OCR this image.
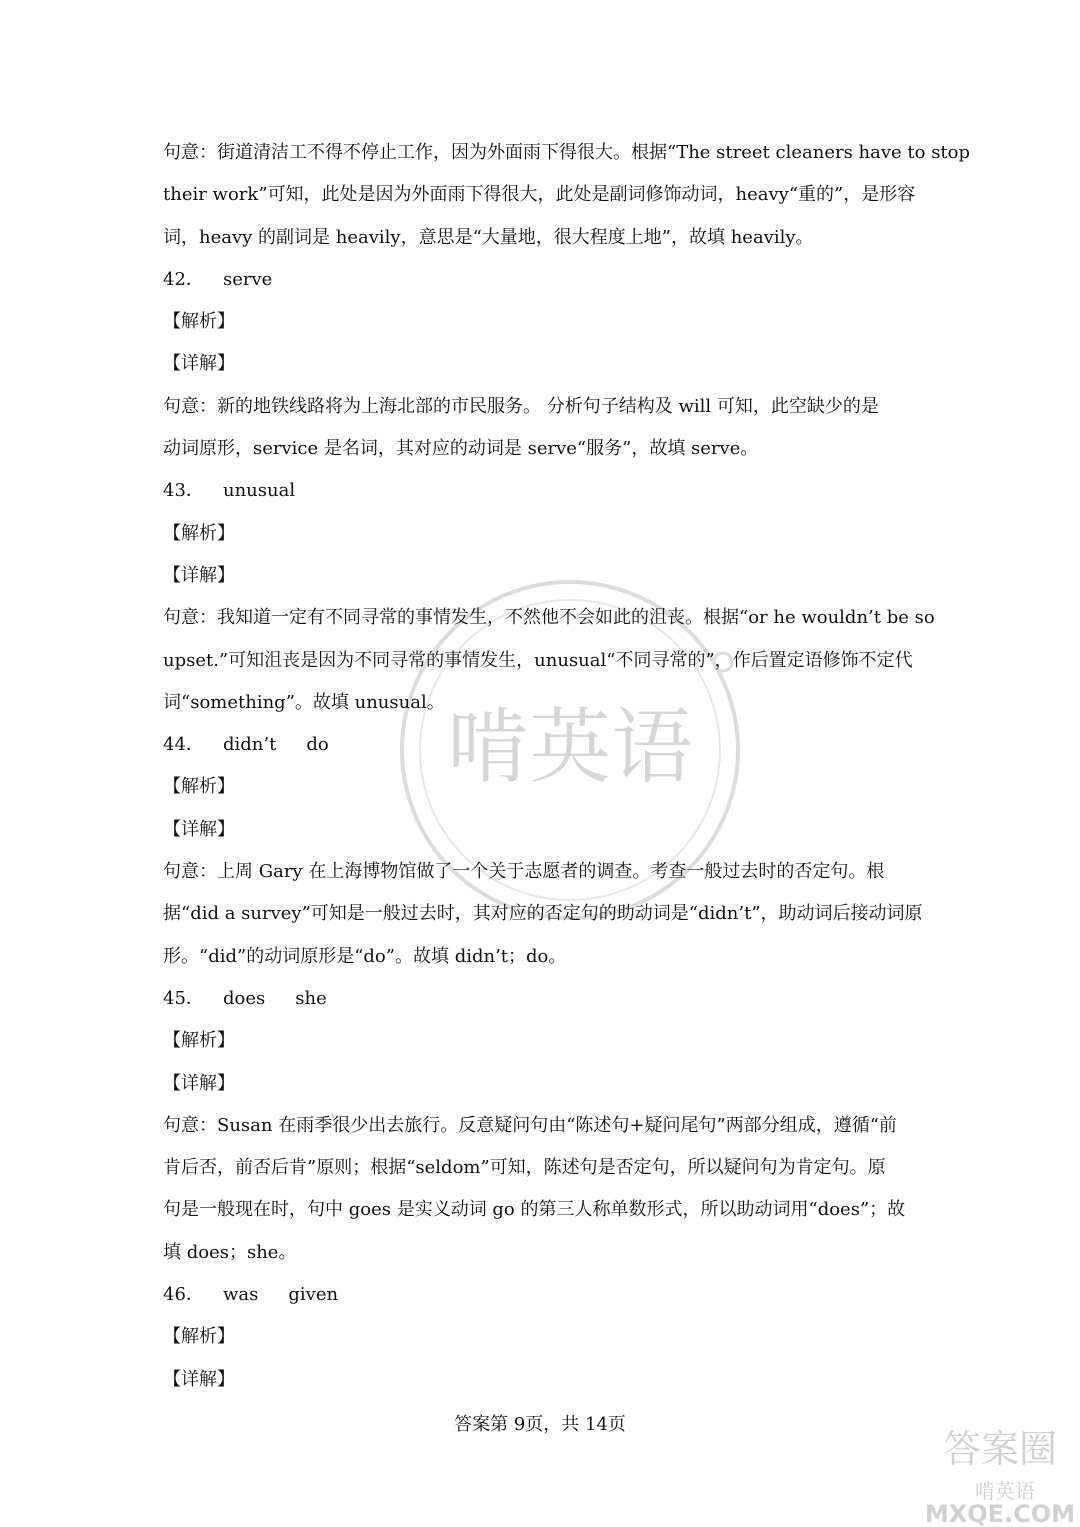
啃英语
句意：街道清洁工不得不停止工作，因为外面雨下得很大。根据“The street cleaners have to stop
their work”可知，此处是因为外面雨下得很大，此处是副词修饰动词，heavy“重的”，是形容
词，heavy 的副词是 heavily，意思是“大量地，很大程度上地”，故填 heavily。
42． serve
【解析】
【详解】
句意：新的地铁线路将为上海北部的市民服务。 分析句子结构及 will 可知，此空缺少的是
动词原形，service 是名词，其对应的动词是 serve“服务”，故填 serve。
43． unusual
【解析】
【详解】
句意：我知道一定有不同寻常的事情发生，不然他不会如此的沮丧。根据“or he wouldn’t be so
upset.”可知沮丧是因为不同寻常的事情发生，unusual“不同寻常的”，作后置定语修饰不定代
词“something”。故填 unusual。
44． didn’t do
【解析】
【详解】
句意：上周 Gary 在上海博物馆做了一个关于志愿者的调查。考查一般过去时的否定句。根
据“did a survey”可知是一般过去时，其对应的否定句的助动词是“didn’t”，助动词后接动词原
形。“did”的动词原形是“do”。故填 didn’t；do。
45． does she
【解析】
【详解】
句意：Susan 在雨季很少出去旅行。反意疑问句由“陈述句+疑问尾句”两部分组成，遵循“前
肯后否，前否后肯”原则；根据“seldom”可知，陈述句是否定句，所以疑问句为肯定句。原
句是一般现在时，句中 goes 是实义动词 go 的第三人称单数形式，所以助动词用“does”；故
填 does；she。
46． was given
【解析】
【详解】
答案第 9页，共 14页
答案圈
啃英语
MXQE.COM
